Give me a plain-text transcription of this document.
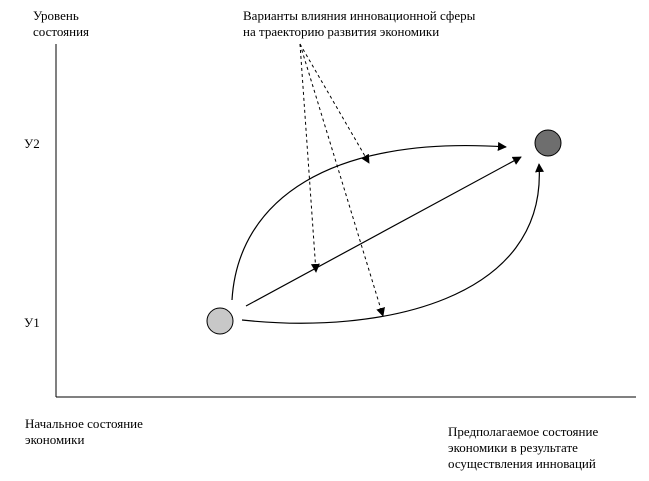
Уровень
состояния
Варианты влияния инновационной сферы
на траекторию развития экономики
У2
У1
Начальное состояние
экономики
Предполагаемое состояние
экономики в результате
осуществления инноваций
